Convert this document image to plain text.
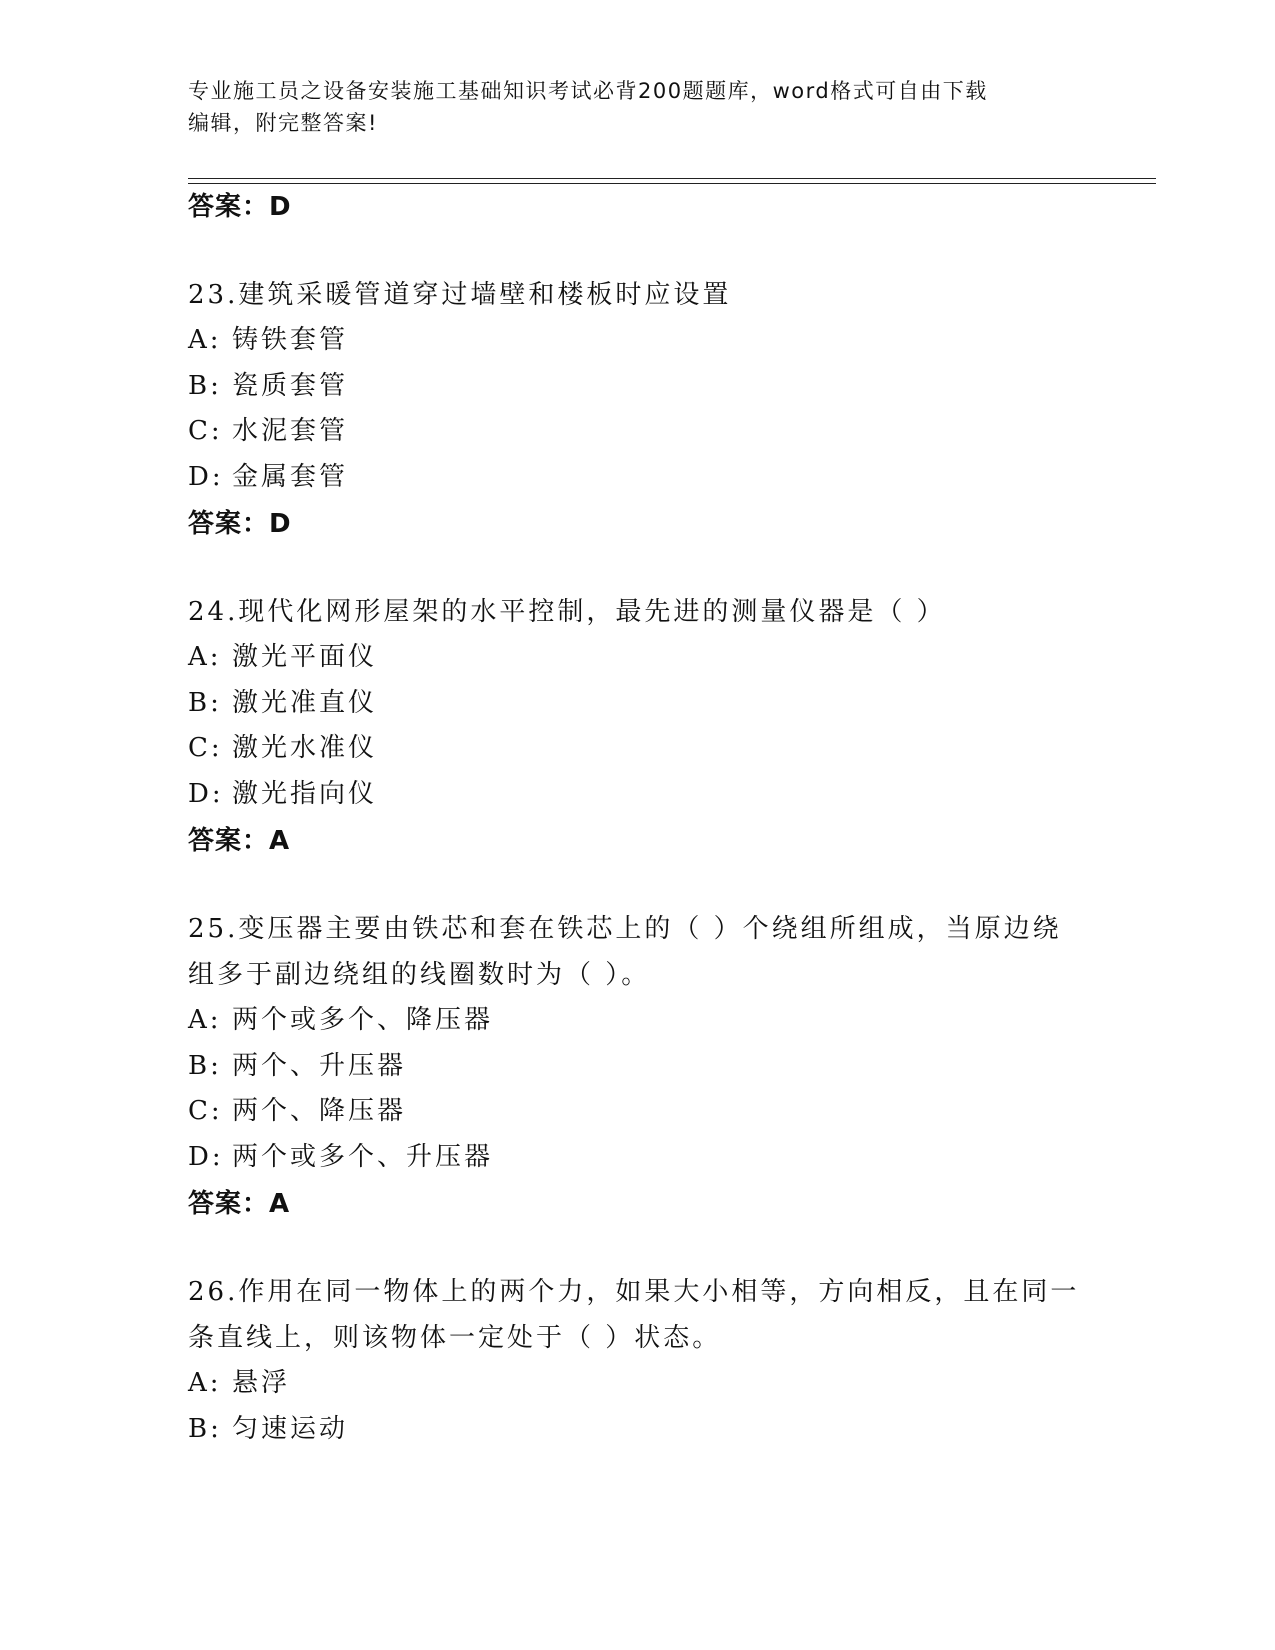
专业施工员之设备安装施工基础知识考试必背200题题库，word格式可自由下载
编辑，附完整答案!
答案：D
23.建筑采暖管道穿过墙壁和楼板时应设置
A: 铸铁套管
B: 瓷质套管
C: 水泥套管
D: 金属套管
答案：D
24.现代化网形屋架的水平控制，最先进的测量仪器是（ ）
A: 激光平面仪
B: 激光准直仪
C: 激光水准仪
D: 激光指向仪
答案：A
25.变压器主要由铁芯和套在铁芯上的（ ）个绕组所组成，当原边绕
组多于副边绕组的线圈数时为（ ）。
A: 两个或多个、降压器
B: 两个、升压器
C: 两个、降压器
D: 两个或多个、升压器
答案：A
26.作用在同一物体上的两个力，如果大小相等，方向相反，且在同一
条直线上，则该物体一定处于（ ）状态。
A: 悬浮
B: 匀速运动
